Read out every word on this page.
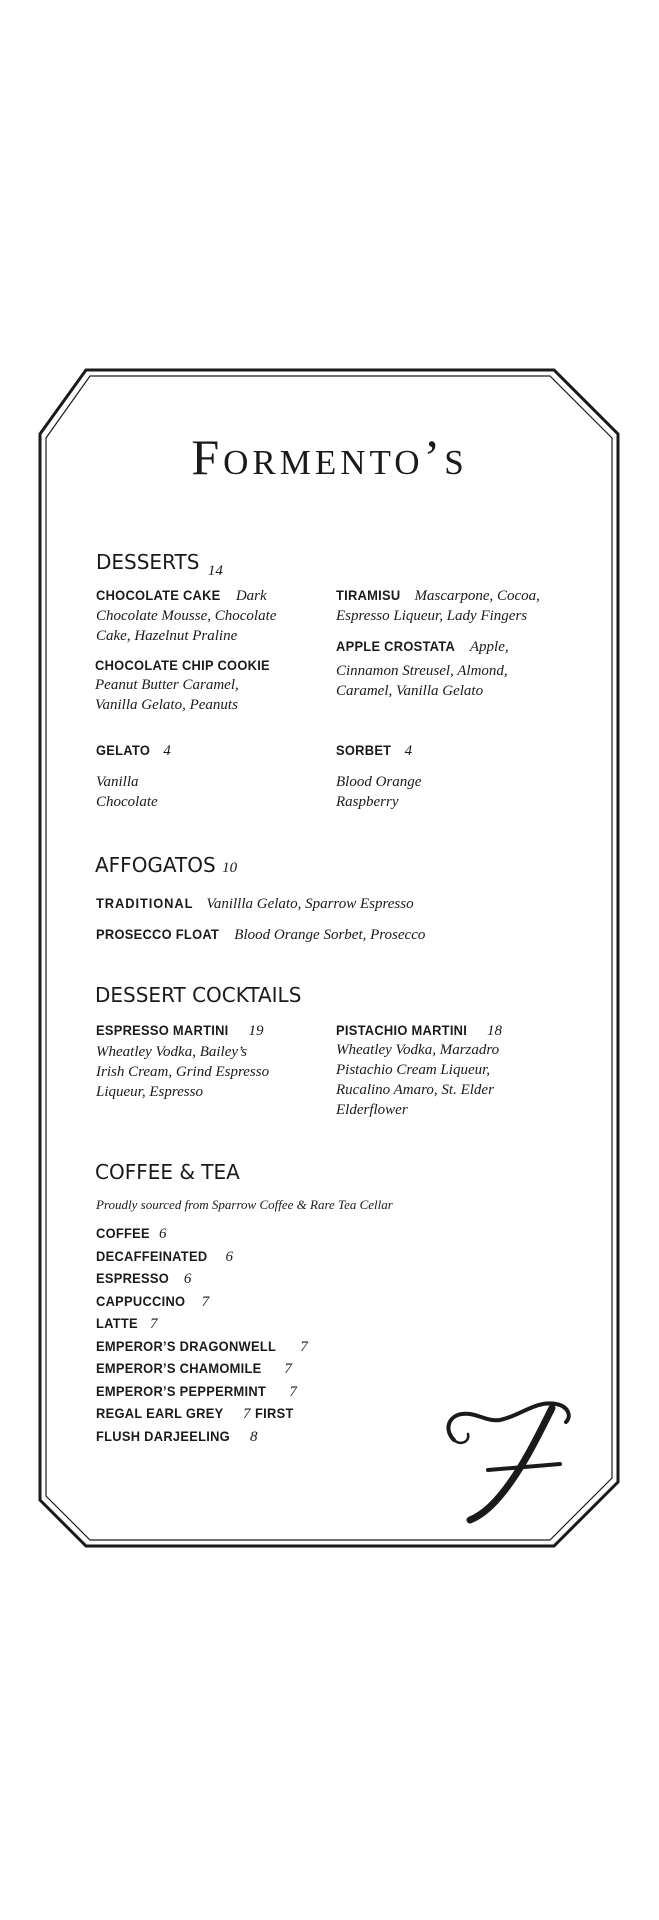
Formento’s
DESSERTS 14
CHOCOLATE CAKE Dark
Chocolate Mousse, Chocolate
Cake, Hazelnut Praline
CHOCOLATE CHIP COOKIE
Peanut Butter Caramel,
Vanilla Gelato, Peanuts
TIRAMISU Mascarpone, Cocoa,
Espresso Liqueur, Lady Fingers
APPLE CROSTATA Apple,
Cinnamon Streusel, Almond,
Caramel, Vanilla Gelato
GELATO 4
Vanilla
Chocolate
SORBET 4
Blood Orange
Raspberry
AFFOGATOS 10
TRADITIONAL Vanillla Gelato, Sparrow Espresso
PROSECCO FLOAT Blood Orange Sorbet, Prosecco
DESSERT COCKTAILS
ESPRESSO MARTINI 19
Wheatley Vodka, Bailey’s
Irish Cream, Grind Espresso
Liqueur, Espresso
PISTACHIO MARTINI 18
Wheatley Vodka, Marzadro
Pistachio Cream Liqueur,
Rucalino Amaro, St. Elder
Elderflower
COFFEE & TEA
Proudly sourced from Sparrow Coffee & Rare Tea Cellar
COFFEE 6
DECAFFEINATED 6
ESPRESSO 6
CAPPUCCINO 7
LATTE 7
EMPEROR’S DRAGONWELL 7
EMPEROR’S CHAMOMILE 7
EMPEROR’S PEPPERMINT 7
REGAL EARL GREY 7 FIRST
FLUSH DARJEELING 8
